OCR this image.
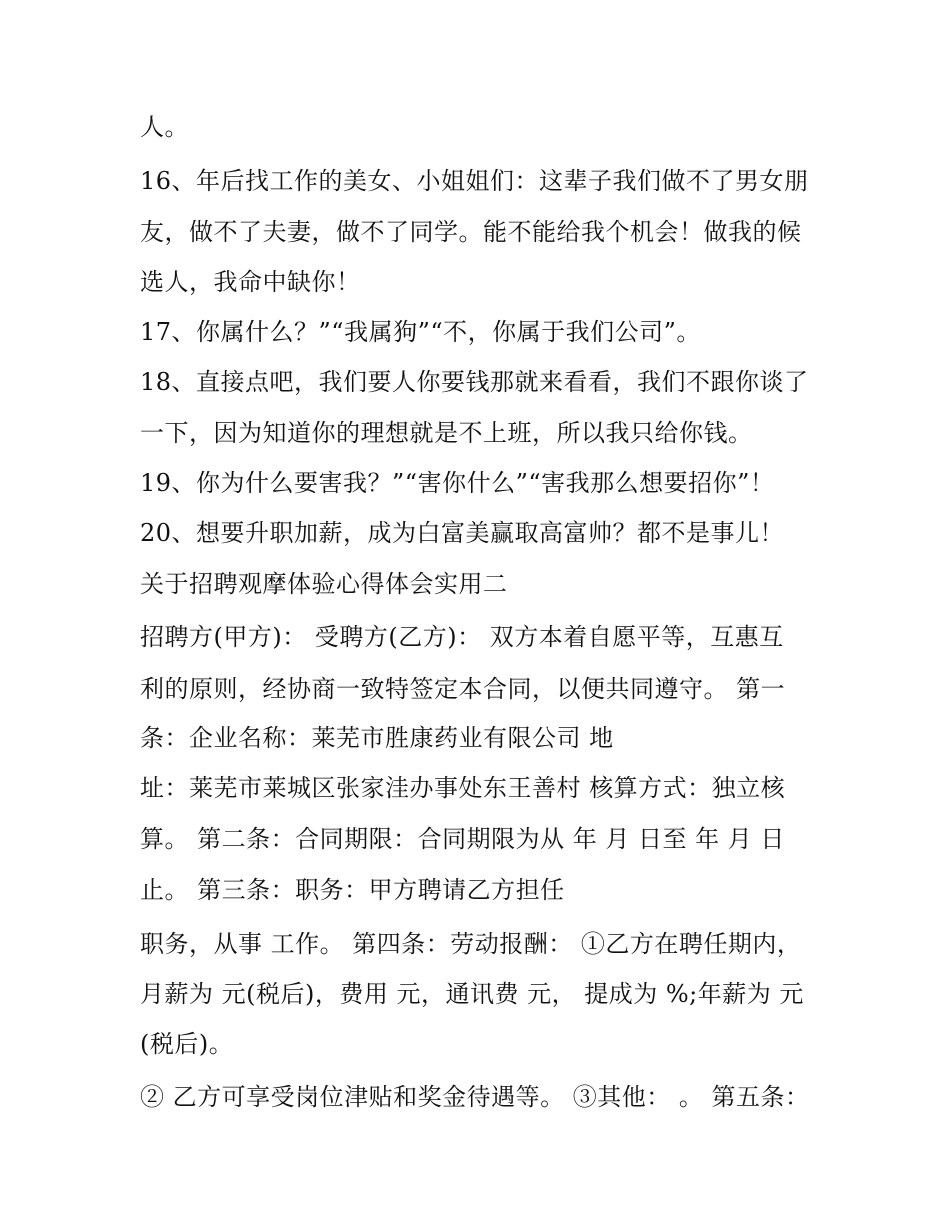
人。
16、年后找工作的美女、小姐姐们：这辈子我们做不了男女朋
友，做不了夫妻，做不了同学。能不能给我个机会！做我的候
选人，我命中缺你！
17、你属什么？”“我属狗”“不，你属于我们公司”。
18、直接点吧，我们要人你要钱那就来看看，我们不跟你谈了
一下，因为知道你的理想就是不上班，所以我只给你钱。
19、你为什么要害我？”“害你什么”“害我那么想要招你”！
20、想要升职加薪，成为白富美赢取高富帅？都不是事儿！
关于招聘观摩体验心得体会实用二
招聘方(甲方)： 受聘方(乙方)： 双方本着自愿平等，互惠互
利的原则，经协商一致特签定本合同，以便共同遵守。 第一
条：企业名称：莱芜市胜康药业有限公司 地
址：莱芜市莱城区张家洼办事处东王善村 核算方式：独立核
算。 第二条：合同期限：合同期限为从 年 月 日至 年 月 日
止。 第三条：职务：甲方聘请乙方担任
职务，从事 工作。 第四条：劳动报酬： ①乙方在聘任期内，
月薪为 元(税后)，费用 元，通讯费 元， 提成为 %;年薪为 元
(税后)。
② 乙方可享受岗位津贴和奖金待遇等。 ③其他： 。 第五条：
